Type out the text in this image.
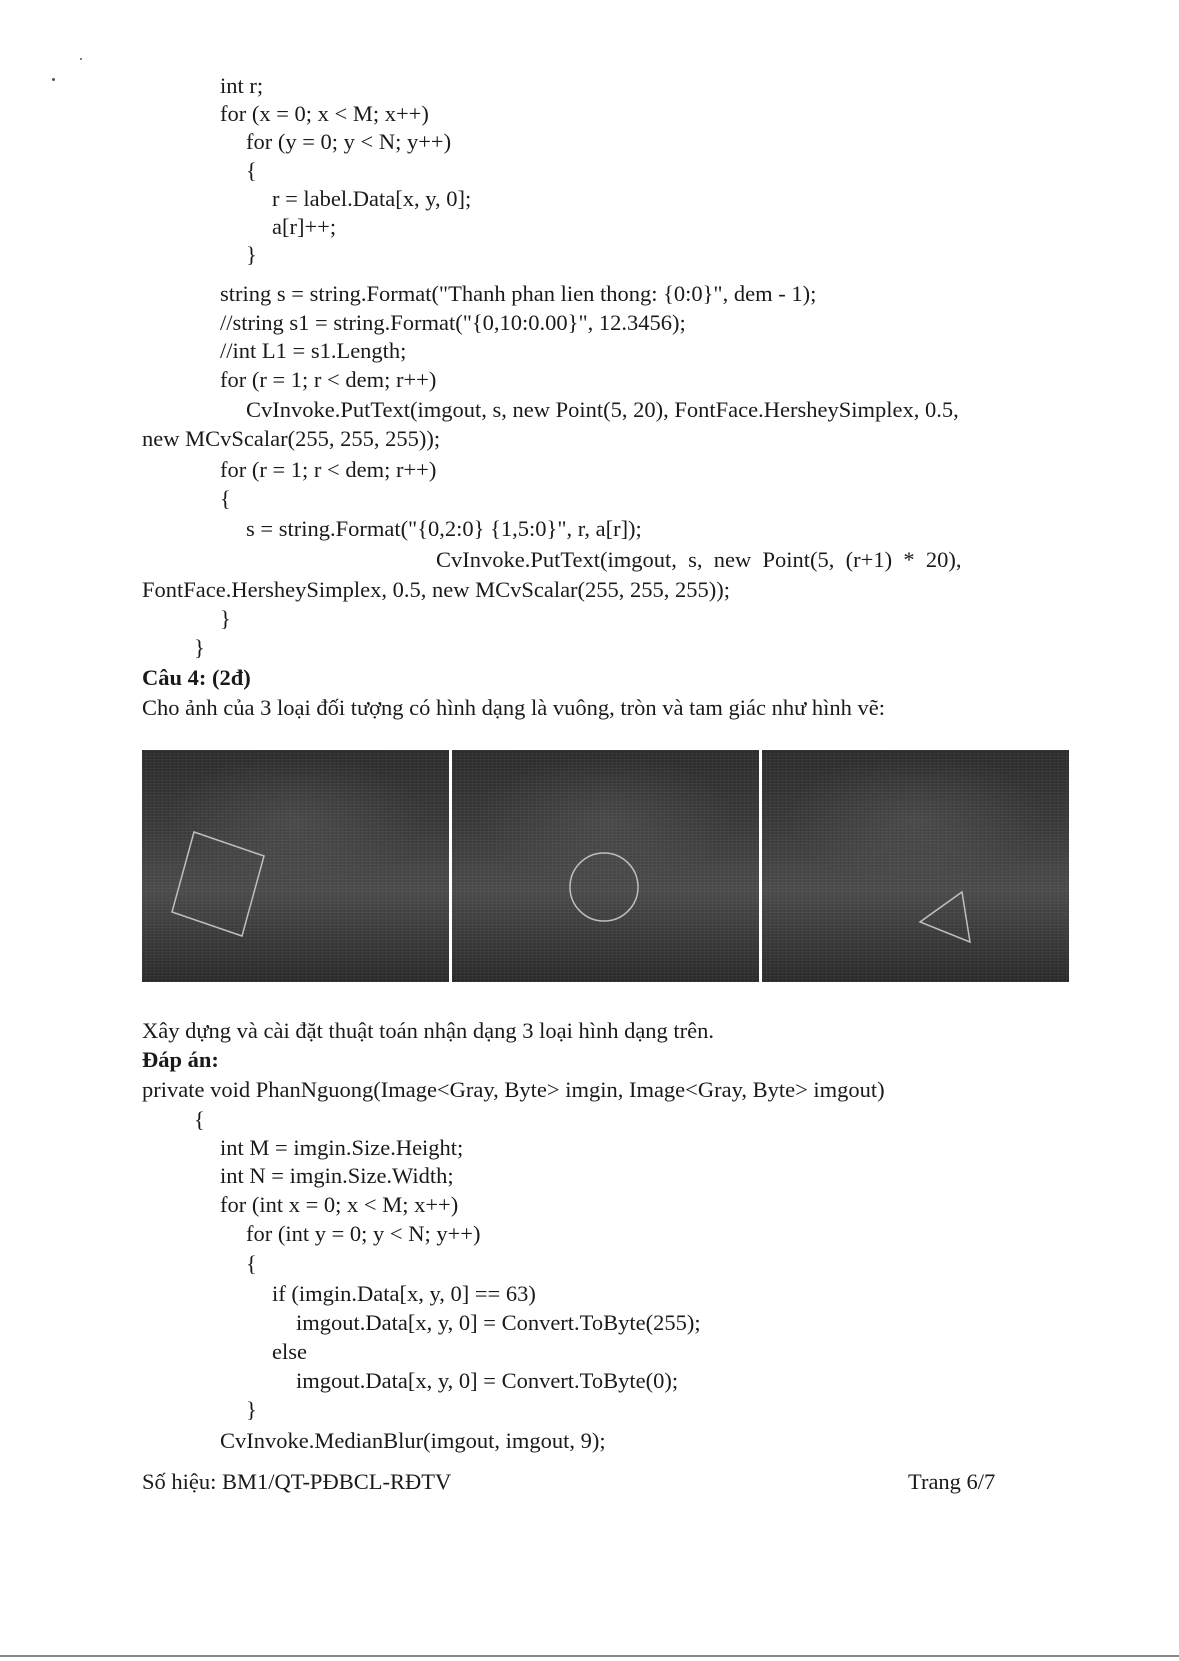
int r;
for (x = 0; x < M; x++)
for (y = 0; y < N; y++)
{
r = label.Data[x, y, 0];
a[r]++;
}
string s = string.Format("Thanh phan lien thong: {0:0}", dem - 1);
//string s1 = string.Format("{0,10:0.00}", 12.3456);
//int L1 = s1.Length;
for (r = 1; r < dem; r++)
CvInvoke.PutText(imgout, s, new Point(5, 20), FontFace.HersheySimplex, 0.5,
new MCvScalar(255, 255, 255));
for (r = 1; r < dem; r++)
{
s = string.Format("{0,2:0} {1,5:0}", r, a[r]);
CvInvoke.PutText(imgout,  s,  new  Point(5,  (r+1)  *  20),
FontFace.HersheySimplex, 0.5, new MCvScalar(255, 255, 255));
}
}
Câu 4: (2đ)
Cho ảnh của 3 loại đối tượng có hình dạng là vuông, tròn và tam giác như hình vẽ:
Xây dựng và cài đặt thuật toán nhận dạng 3 loại hình dạng trên.
Đáp án:
private void PhanNguong(Image<Gray, Byte> imgin, Image<Gray, Byte> imgout)
{
int M = imgin.Size.Height;
int N = imgin.Size.Width;
for (int x = 0; x < M; x++)
for (int y = 0; y < N; y++)
{
if (imgin.Data[x, y, 0] == 63)
imgout.Data[x, y, 0] = Convert.ToByte(255);
else
imgout.Data[x, y, 0] = Convert.ToByte(0);
}
CvInvoke.MedianBlur(imgout, imgout, 9);
Số hiệu: BM1/QT-PĐBCL-RĐTV	Trang 6/7
